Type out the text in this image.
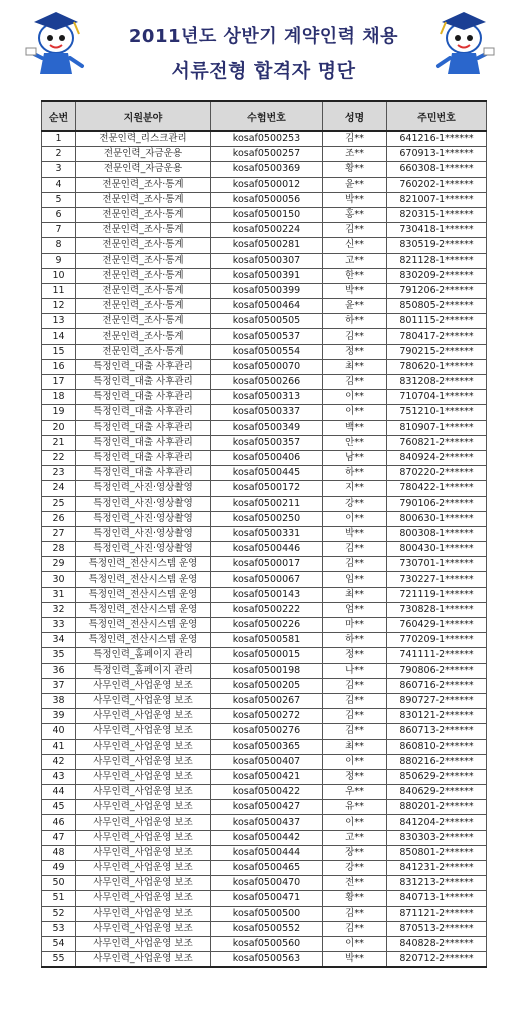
2011년도 상반기 계약인력 채용
서류전형 합격자 명단
순번	지원분야	수험번호	성명	주민번호
1	전문인력_리스크관리	kosaf0500253	김**	641216-1******
2	전문인력_자금운용	kosaf0500257	조**	670913-1******
3	전문인력_자금운용	kosaf0500369	황**	660308-1******
4	전문인력_조사·통계	kosaf0500012	윤**	760202-1******
5	전문인력_조사·통계	kosaf0500056	박**	821007-1******
6	전문인력_조사·통계	kosaf0500150	홍**	820315-1******
7	전문인력_조사·통계	kosaf0500224	김**	730418-1******
8	전문인력_조사·통계	kosaf0500281	신**	830519-2******
9	전문인력_조사·통계	kosaf0500307	고**	821128-1******
10	전문인력_조사·통계	kosaf0500391	한**	830209-2******
11	전문인력_조사·통계	kosaf0500399	박**	791206-2******
12	전문인력_조사·통계	kosaf0500464	윤**	850805-2******
13	전문인력_조사·통계	kosaf0500505	하**	801115-2******
14	전문인력_조사·통계	kosaf0500537	김**	780417-2******
15	전문인력_조사·통계	kosaf0500554	정**	790215-2******
16	특정인력_대출 사후관리	kosaf0500070	최**	780620-1******
17	특정인력_대출 사후관리	kosaf0500266	김**	831208-2******
18	특정인력_대출 사후관리	kosaf0500313	이**	710704-1******
19	특정인력_대출 사후관리	kosaf0500337	이**	751210-1******
20	특정인력_대출 사후관리	kosaf0500349	백**	810907-1******
21	특정인력_대출 사후관리	kosaf0500357	안**	760821-2******
22	특정인력_대출 사후관리	kosaf0500406	남**	840924-2******
23	특정인력_대출 사후관리	kosaf0500445	하**	870220-2******
24	특정인력_사진·영상촬영	kosaf0500172	지**	780422-1******
25	특정인력_사진·영상촬영	kosaf0500211	강**	790106-2******
26	특정인력_사진·영상촬영	kosaf0500250	이**	800630-1******
27	특정인력_사진·영상촬영	kosaf0500331	박**	800308-1******
28	특정인력_사진·영상촬영	kosaf0500446	김**	800430-1******
29	특정인력_전산시스템 운영	kosaf0500017	김**	730701-1******
30	특정인력_전산시스템 운영	kosaf0500067	임**	730227-1******
31	특정인력_전산시스템 운영	kosaf0500143	최**	721119-1******
32	특정인력_전산시스템 운영	kosaf0500222	엄**	730828-1******
33	특정인력_전산시스템 운영	kosaf0500226	마**	760429-1******
34	특정인력_전산시스템 운영	kosaf0500581	하**	770209-1******
35	특정인력_홈페이지 관리	kosaf0500015	정**	741111-2******
36	특정인력_홈페이지 관리	kosaf0500198	나**	790806-2******
37	사무인력_사업운영 보조	kosaf0500205	김**	860716-2******
38	사무인력_사업운영 보조	kosaf0500267	김**	890727-2******
39	사무인력_사업운영 보조	kosaf0500272	김**	830121-2******
40	사무인력_사업운영 보조	kosaf0500276	김**	860713-2******
41	사무인력_사업운영 보조	kosaf0500365	최**	860810-2******
42	사무인력_사업운영 보조	kosaf0500407	이**	880216-2******
43	사무인력_사업운영 보조	kosaf0500421	정**	850629-2******
44	사무인력_사업운영 보조	kosaf0500422	우**	840629-2******
45	사무인력_사업운영 보조	kosaf0500427	유**	880201-2******
46	사무인력_사업운영 보조	kosaf0500437	이**	841204-2******
47	사무인력_사업운영 보조	kosaf0500442	고**	830303-2******
48	사무인력_사업운영 보조	kosaf0500444	장**	850801-2******
49	사무인력_사업운영 보조	kosaf0500465	강**	841231-2******
50	사무인력_사업운영 보조	kosaf0500470	전**	831213-2******
51	사무인력_사업운영 보조	kosaf0500471	황**	840713-1******
52	사무인력_사업운영 보조	kosaf0500500	김**	871121-2******
53	사무인력_사업운영 보조	kosaf0500552	김**	870513-2******
54	사무인력_사업운영 보조	kosaf0500560	이**	840828-2******
55	사무인력_사업운영 보조	kosaf0500563	박**	820712-2******
